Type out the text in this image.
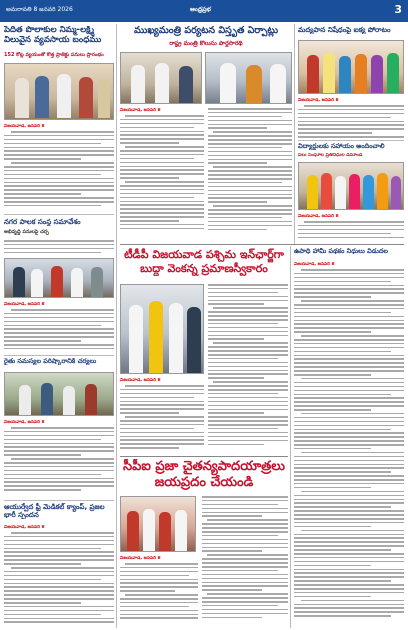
అమరావతి 8 జనవరి 2026	ఆంధ్రప్రభ	3
పెదిత పొలాకుల నిమ్మ-లక్ష్మీ విలువైన వ్యవసాయ బంధము
152 కోట్ల వ్యయంతో కొత్త ప్రాజెక్టు పనులు ప్రారంభం
విజయవాడ, జనవరి 8
నగర పాలక సంస్థ సమావేశం
అభివృద్ధి పనులపై చర్చ
విజయవాడ, జనవరి 8
రైతు సమస్యల పరిష్కారానికి చర్యలు
విజయవాడ, జనవరి 8
ఆయుర్వేద ఫ్రీ మెడికల్ క్యాంప్, ప్రజల భారీ స్పందన
విజయవాడ, జనవరి 8
ముఖ్యమంత్రి పర్యటన విస్తృత ఏర్పాట్లు
రాష్ట్ర మంత్రి కొలుసు పార్థసారథి
విజయవాడ, జనవరి 8
మద్యపాన నిషేధంపై ఐక్య పోరాటం
విజయవాడ, జనవరి 8
విద్యార్థులకు సహాయం అందించాలి
పలు సంఘాల ప్రతినిధుల డిమాండ్
విజయవాడ, జనవరి 8
టీడీపీ విజయవాడ పశ్చిమ ఇన్‌ఛార్జ్‌గా బుద్దా వెంకన్న ప్రమాణస్వీకారం
విజయవాడ, జనవరి 8
ఉపాధి హామీ పథకం నిధులు విడుదల
విజయవాడ, జనవరి 8
సీపీఐ ప్రజా చైతన్యపాదయాత్రలు జయప్రదం చేయండి
విజయవాడ, జనవరి 8
